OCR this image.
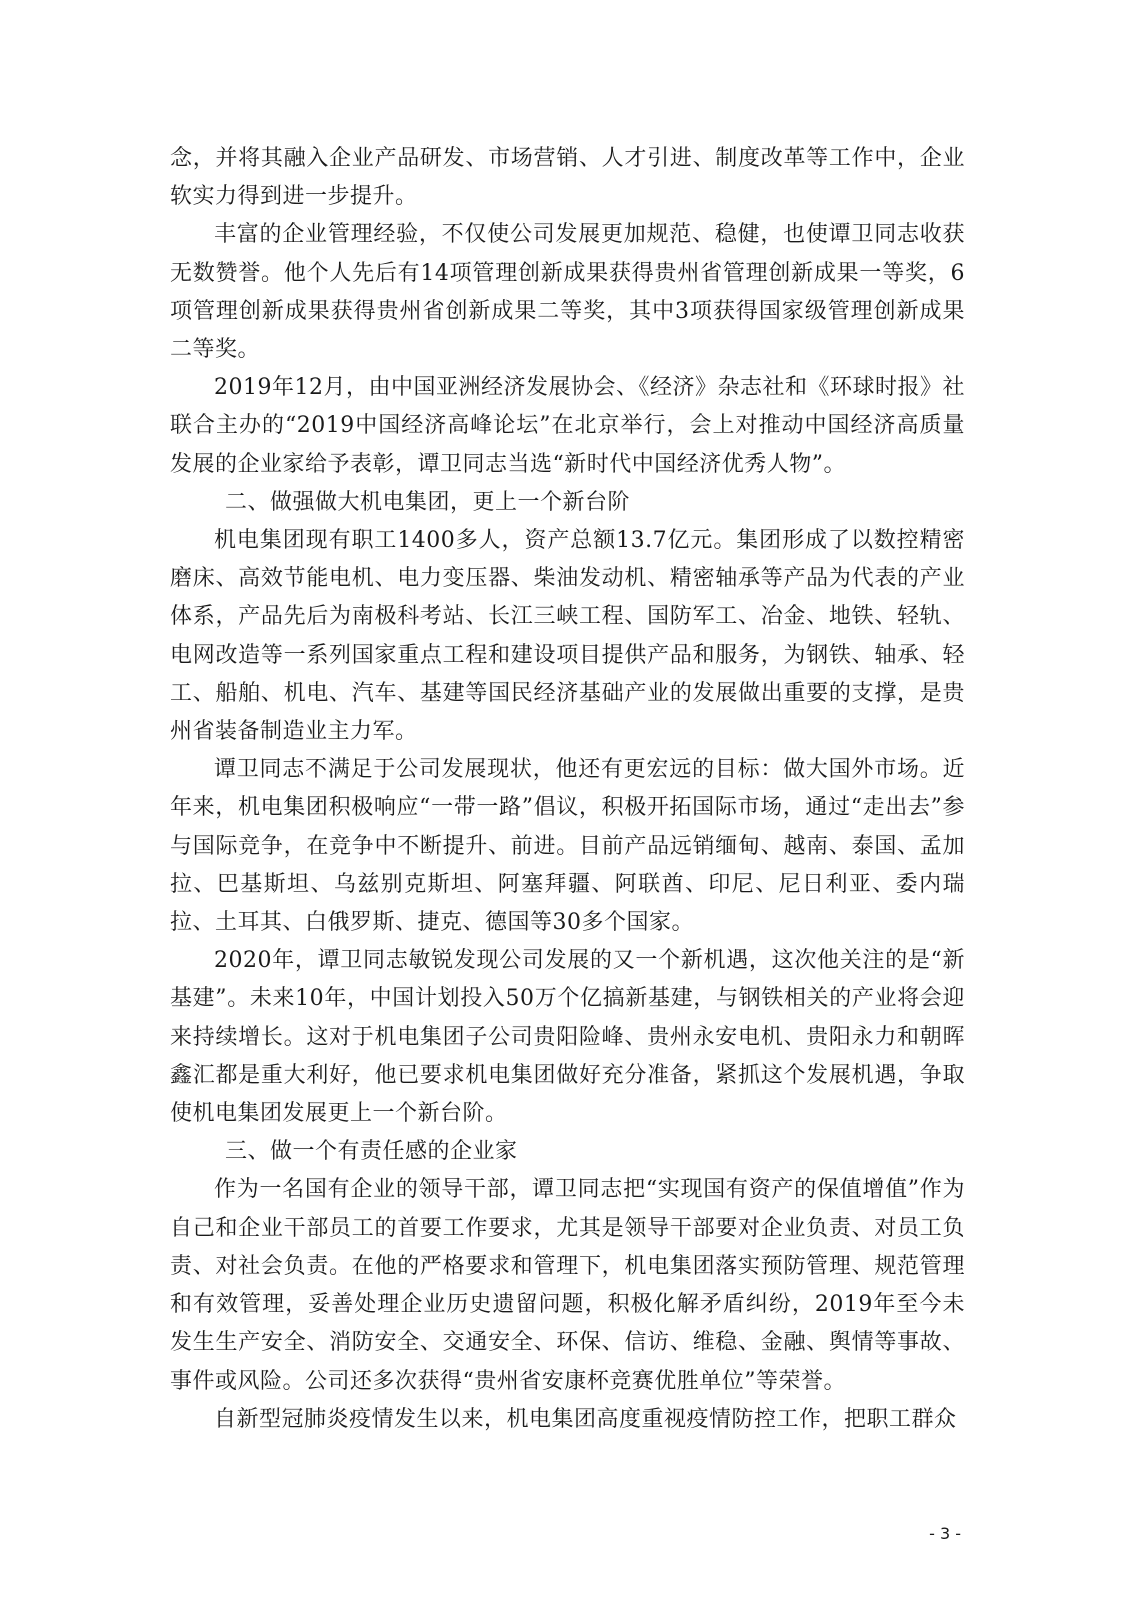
念，并将其融入企业产品研发、市场营销、人才引进、制度改革等工作中，企业软实力得到进一步提升。

丰富的企业管理经验，不仅使公司发展更加规范、稳健，也使谭卫同志收获无数赞誉。他个人先后有14项管理创新成果获得贵州省管理创新成果一等奖，6项管理创新成果获得贵州省创新成果二等奖，其中3项获得国家级管理创新成果二等奖。

2019年12月，由中国亚洲经济发展协会、《经济》杂志社和《环球时报》社联合主办的“2019中国经济高峰论坛”在北京举行，会上对推动中国经济高质量发展的企业家给予表彰，谭卫同志当选“新时代中国经济优秀人物”。

二、做强做大机电集团，更上一个新台阶

机电集团现有职工1400多人，资产总额13.7亿元。集团形成了以数控精密磨床、高效节能电机、电力变压器、柴油发动机、精密轴承等产品为代表的产业体系，产品先后为南极科考站、长江三峡工程、国防军工、冶金、地铁、轻轨、电网改造等一系列国家重点工程和建设项目提供产品和服务，为钢铁、轴承、轻工、船舶、机电、汽车、基建等国民经济基础产业的发展做出重要的支撑，是贵州省装备制造业主力军。

谭卫同志不满足于公司发展现状，他还有更宏远的目标：做大国外市场。近年来，机电集团积极响应“一带一路”倡议，积极开拓国际市场，通过“走出去”参与国际竞争，在竞争中不断提升、前进。目前产品远销缅甸、越南、泰国、孟加拉、巴基斯坦、乌兹别克斯坦、阿塞拜疆、阿联酋、印尼、尼日利亚、委内瑞拉、土耳其、白俄罗斯、捷克、德国等30多个国家。

2020年，谭卫同志敏锐发现公司发展的又一个新机遇，这次他关注的是“新基建”。未来10年，中国计划投入50万个亿搞新基建，与钢铁相关的产业将会迎来持续增长。这对于机电集团子公司贵阳险峰、贵州永安电机、贵阳永力和朝晖鑫汇都是重大利好，他已要求机电集团做好充分准备，紧抓这个发展机遇，争取使机电集团发展更上一个新台阶。

三、做一个有责任感的企业家

作为一名国有企业的领导干部，谭卫同志把“实现国有资产的保值增值”作为自己和企业干部员工的首要工作要求，尤其是领导干部要对企业负责、对员工负责、对社会负责。在他的严格要求和管理下，机电集团落实预防管理、规范管理和有效管理，妥善处理企业历史遗留问题，积极化解矛盾纠纷，2019年至今未发生生产安全、消防安全、交通安全、环保、信访、维稳、金融、舆情等事故、事件或风险。公司还多次获得“贵州省安康杯竞赛优胜单位”等荣誉。

自新型冠肺炎疫情发生以来，机电集团高度重视疫情防控工作，把职工群众

- 3 -
